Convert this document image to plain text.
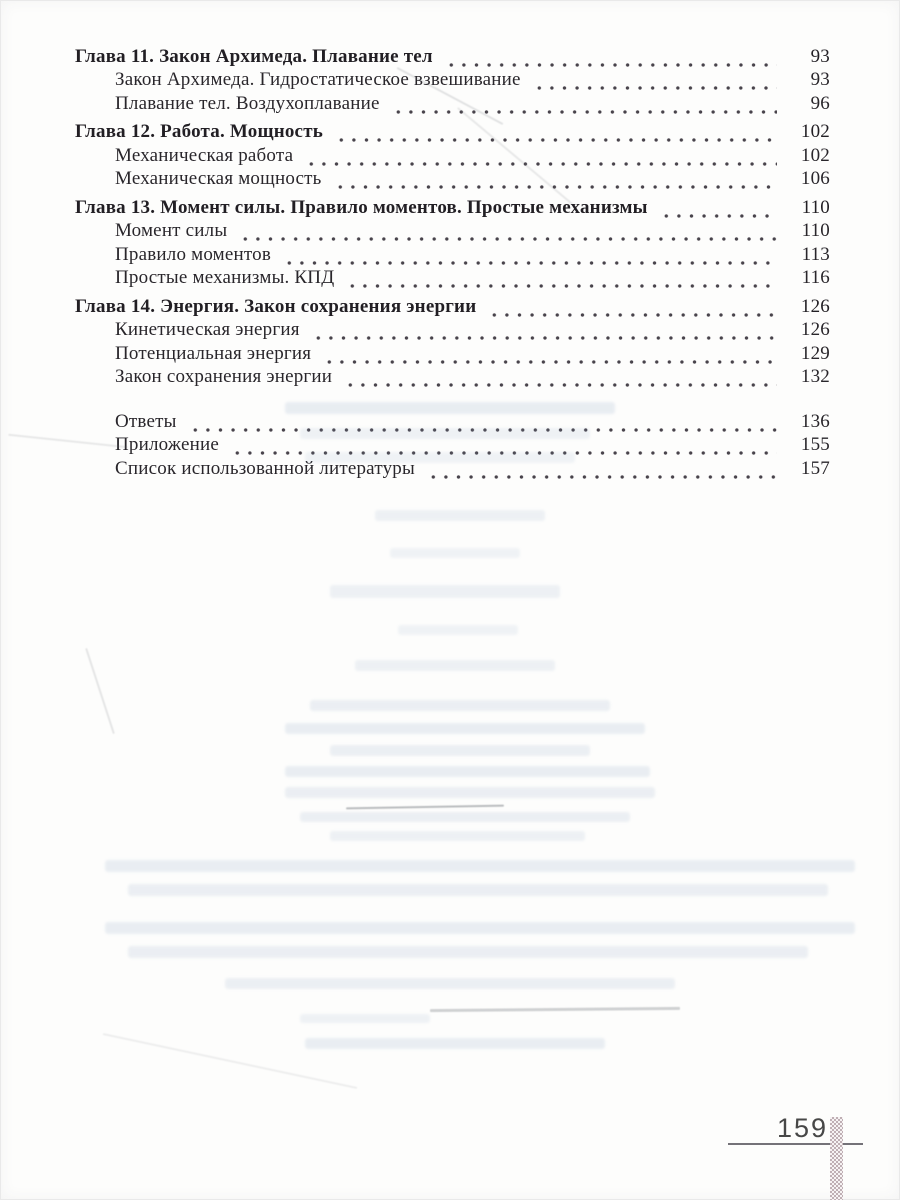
Глава 11. Закон Архимеда. Плавание тел	93
Закон Архимеда. Гидростатическое взвешивание	93
Плавание тел. Воздухоплавание	96
Глава 12. Работа. Мощность	102
Механическая работа	102
Механическая мощность	106
Глава 13. Момент силы. Правило моментов. Простые механизмы	110
Момент силы	110
Правило моментов	113
Простые механизмы. КПД	116
Глава 14. Энергия. Закон сохранения энергии	126
Кинетическая энергия	126
Потенциальная энергия	129
Закон сохранения энергии	132
Ответы	136
Приложение	155
Список использованной литературы	157
159
